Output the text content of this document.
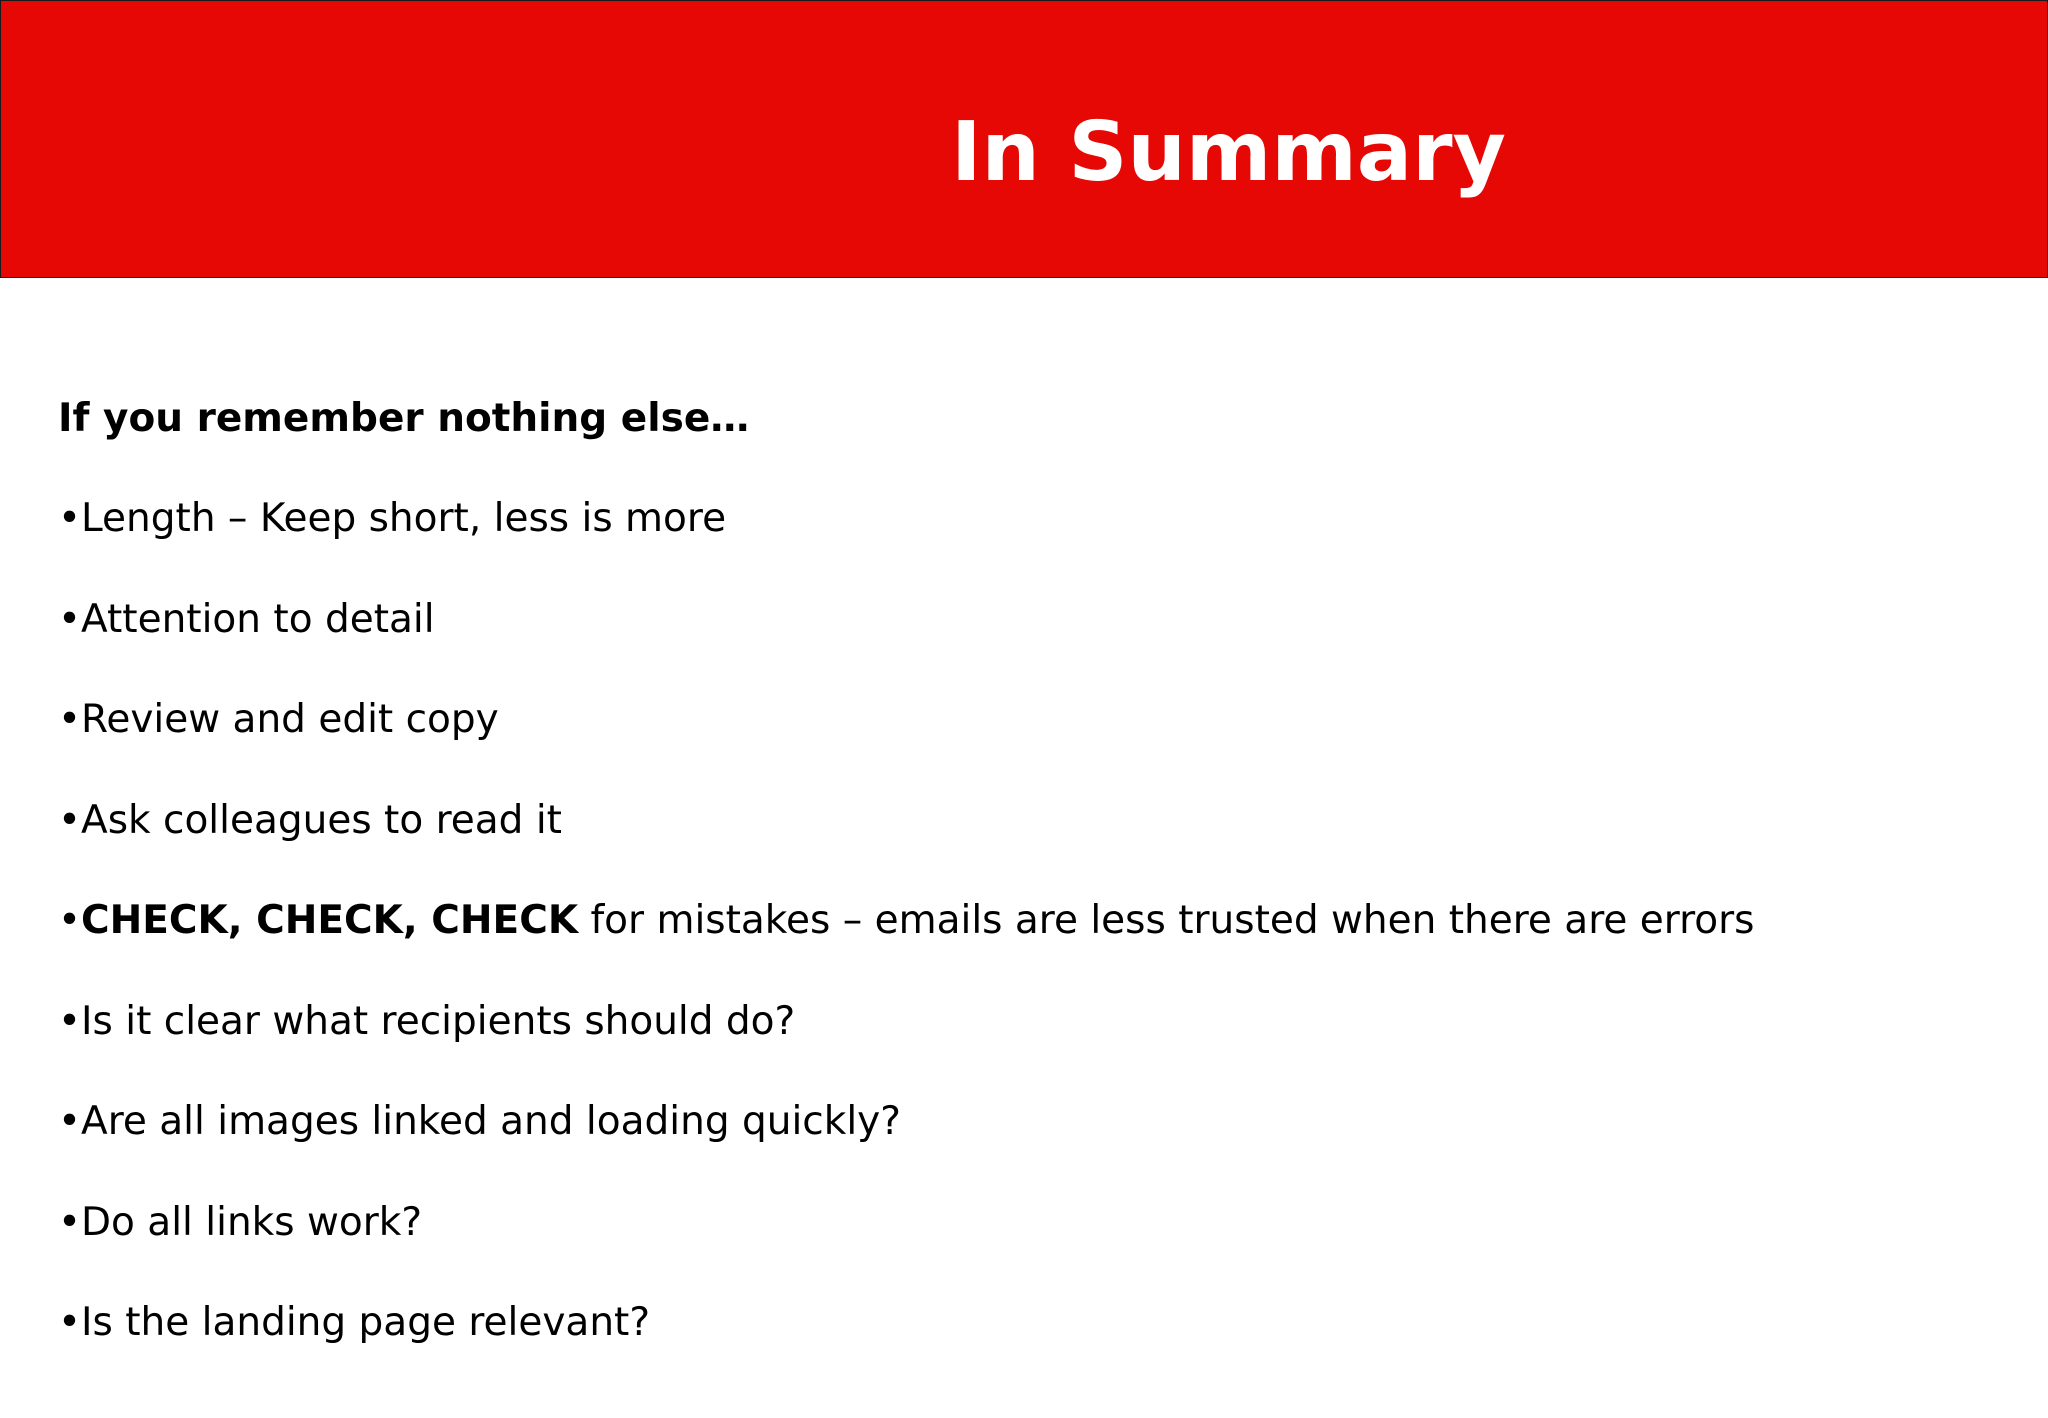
In Summary

If you remember nothing else…

•Length – Keep short, less is more
•Attention to detail
•Review and edit copy
•Ask colleagues to read it
•CHECK, CHECK, CHECK for mistakes – emails are less trusted when there are errors
•Is it clear what recipients should do?
•Are all images linked and loading quickly?
•Do all links work?
•Is the landing page relevant?
